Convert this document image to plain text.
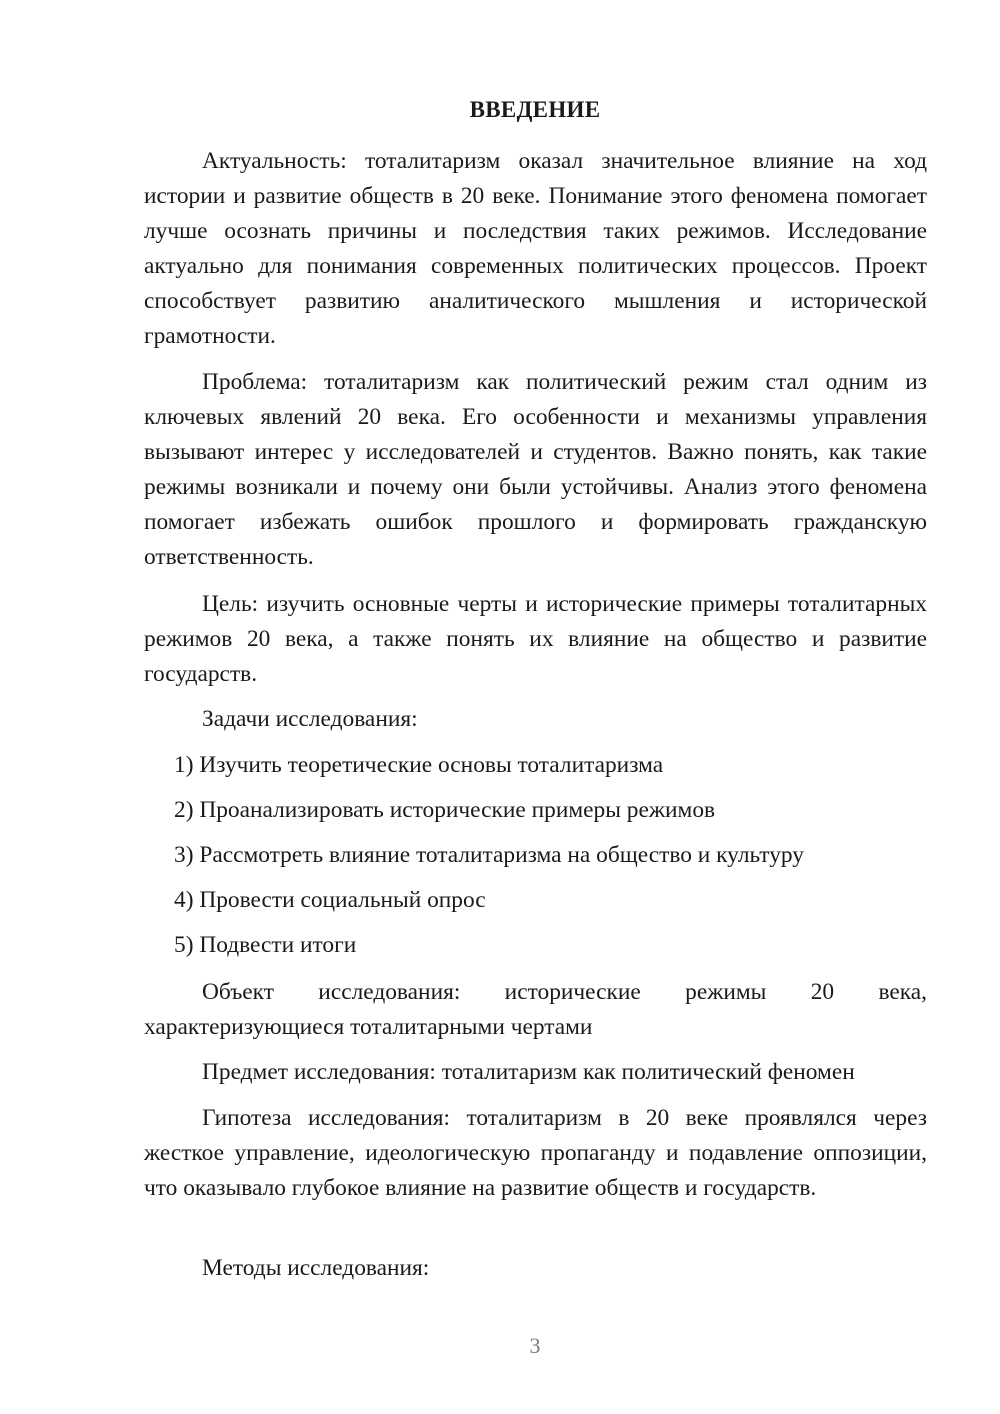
ВВЕДЕНИЕ

Актуальность: тоталитаризм оказал значительное влияние на ход истории и развитие обществ в 20 веке. Понимание этого феномена помогает лучше осознать причины и последствия таких режимов. Исследование актуально для понимания современных политических процессов. Проект способствует развитию аналитического мышления и исторической грамотности.

Проблема: тоталитаризм как политический режим стал одним из ключевых явлений 20 века. Его особенности и механизмы управления вызывают интерес у исследователей и студентов. Важно понять, как такие режимы возникали и почему они были устойчивы. Анализ этого феномена помогает избежать ошибок прошлого и формировать гражданскую ответственность.

Цель: изучить основные черты и исторические примеры тоталитарных режимов 20 века, а также понять их влияние на общество и развитие государств.

Задачи исследования:

1) Изучить теоретические основы тоталитаризма

2) Проанализировать исторические примеры режимов

3) Рассмотреть влияние тоталитаризма на общество и культуру

4) Провести социальный опрос

5) Подвести итоги

Объект исследования: исторические режимы 20 века, характеризующиеся тоталитарными чертами

Предмет исследования: тоталитаризм как политический феномен

Гипотеза исследования: тоталитаризм в 20 веке проявлялся через жесткое управление, идеологическую пропаганду и подавление оппозиции, что оказывало глубокое влияние на развитие обществ и государств.

Методы исследования:

3
